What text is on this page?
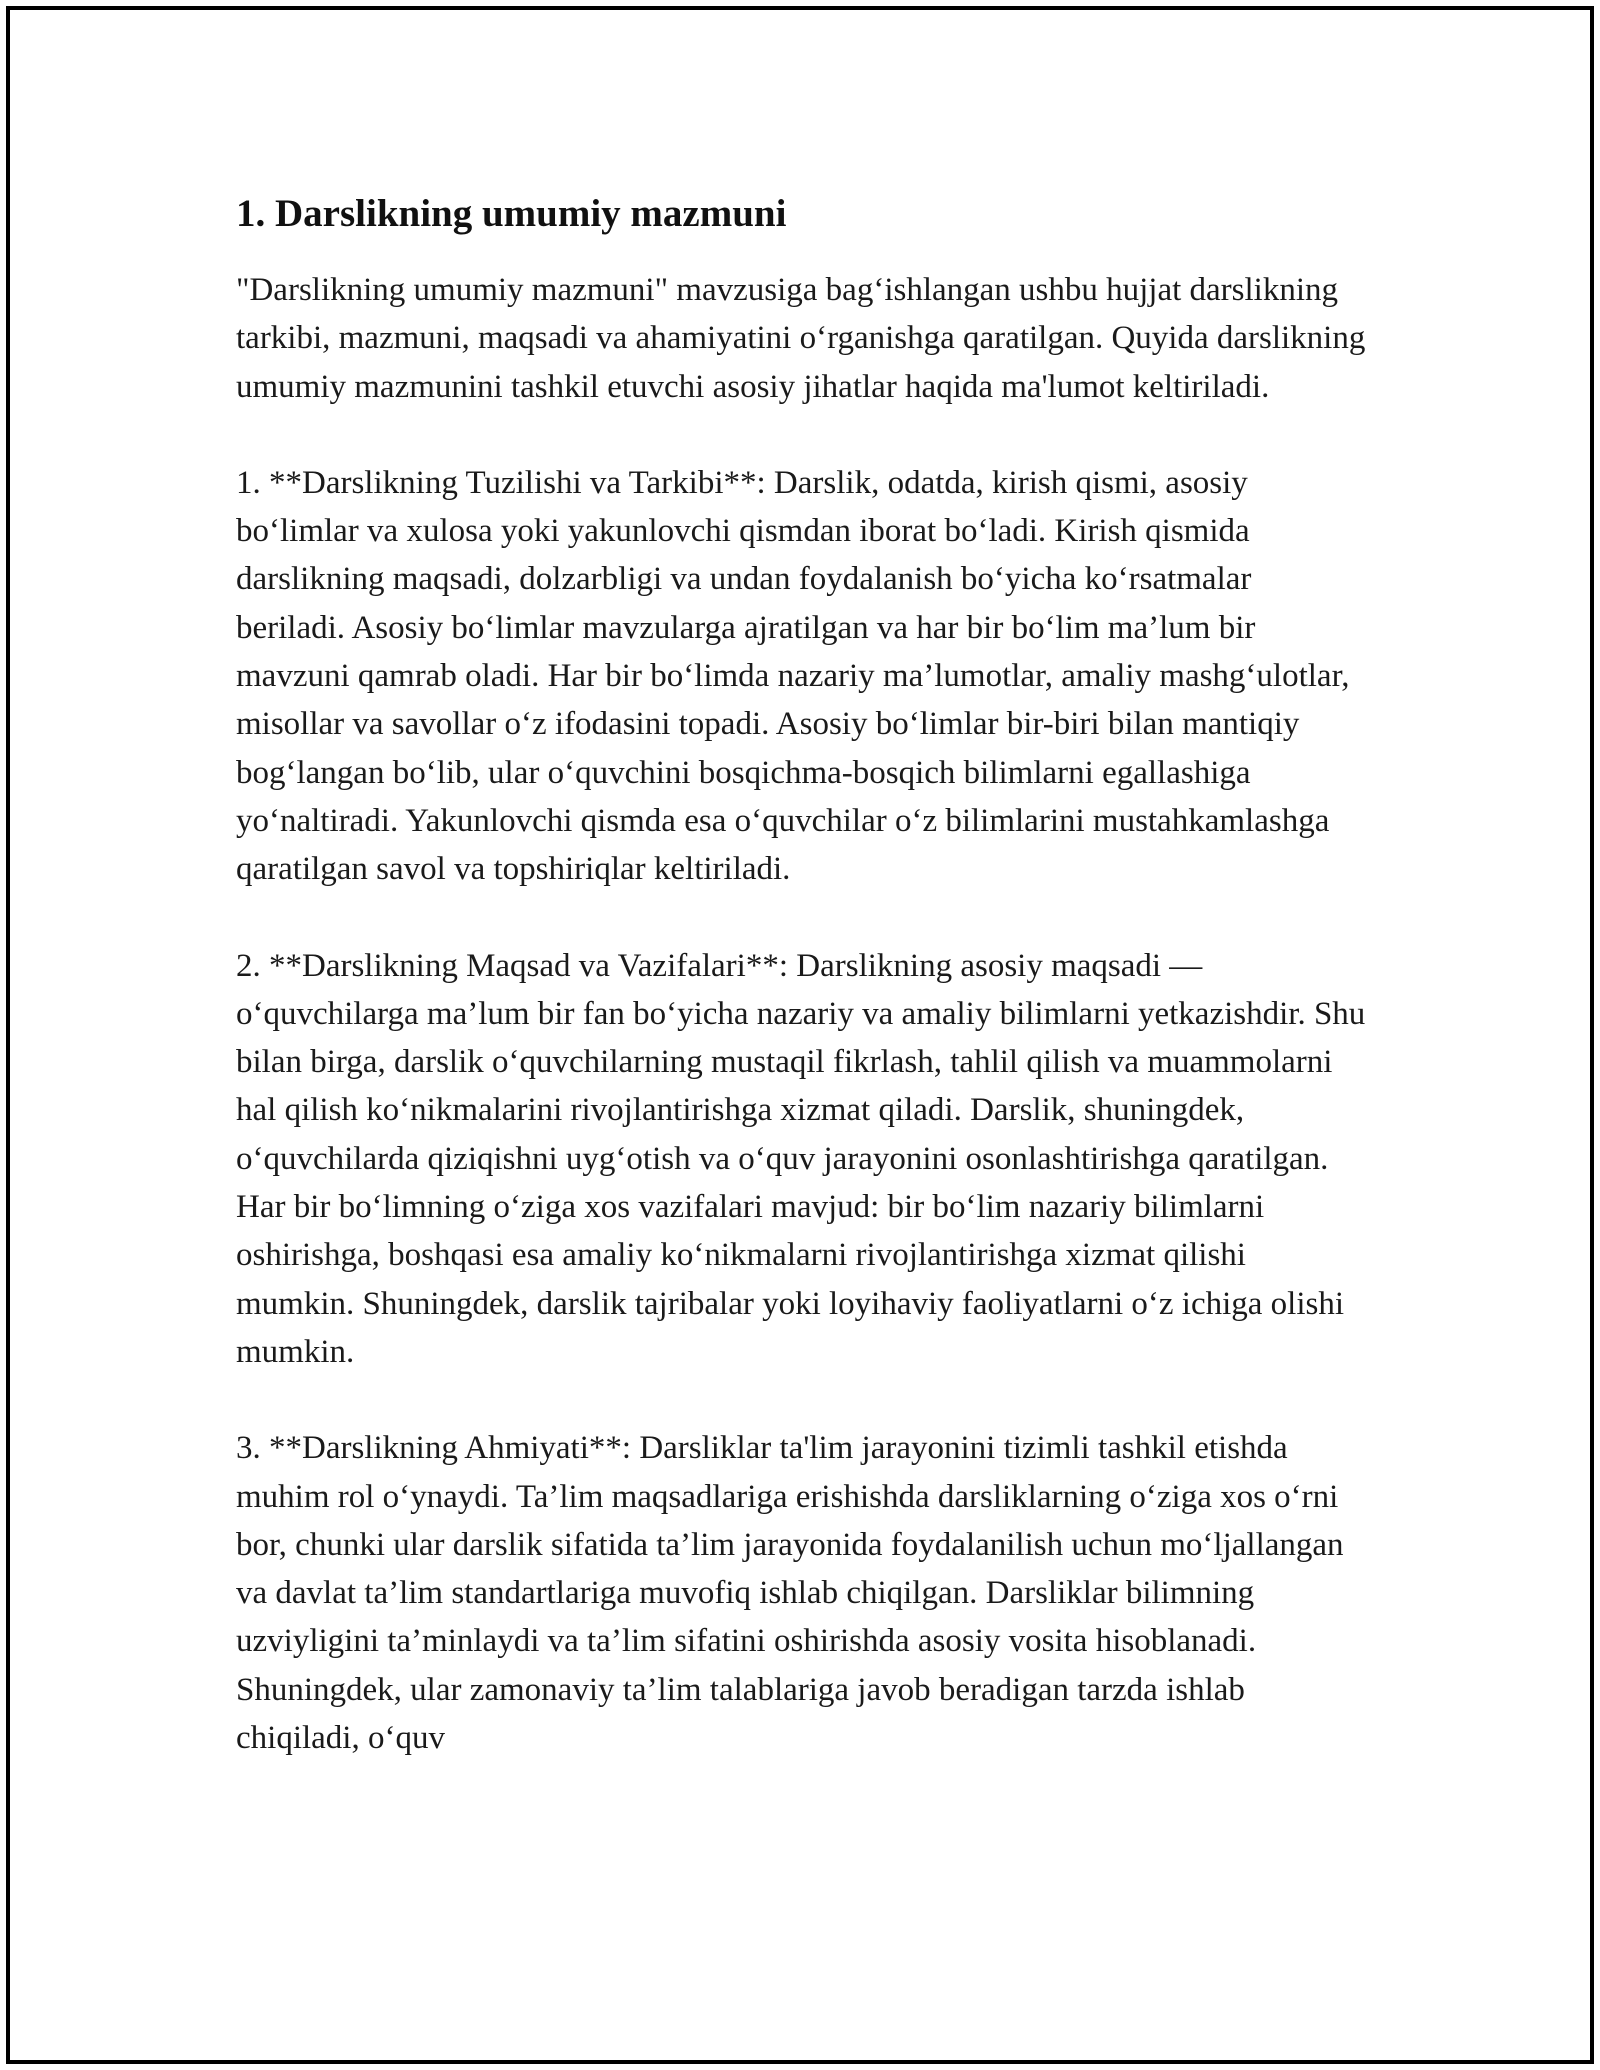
1. Darslikning umumiy mazmuni

"Darslikning umumiy mazmuni" mavzusiga bag‘ishlangan ushbu hujjat darslikning tarkibi, mazmuni, maqsadi va ahamiyatini o‘rganishga qaratilgan. Quyida darslikning umumiy mazmunini tashkil etuvchi asosiy jihatlar haqida ma'lumot keltiriladi.

1. **Darslikning Tuzilishi va Tarkibi**: Darslik, odatda, kirish qismi, asosiy bo‘limlar va xulosa yoki yakunlovchi qismdan iborat bo‘ladi. Kirish qismida darslikning maqsadi, dolzarbligi va undan foydalanish bo‘yicha ko‘rsatmalar beriladi. Asosiy bo‘limlar mavzularga ajratilgan va har bir bo‘lim ma’lum bir mavzuni qamrab oladi. Har bir bo‘limda nazariy ma’lumotlar, amaliy mashg‘ulotlar, misollar va savollar o‘z ifodasini topadi. Asosiy bo‘limlar bir-biri bilan mantiqiy bog‘langan bo‘lib, ular o‘quvchini bosqichma-bosqich bilimlarni egallashiga yo‘naltiradi. Yakunlovchi qismda esa o‘quvchilar o‘z bilimlarini mustahkamlashga qaratilgan savol va topshiriqlar keltiriladi.

2. **Darslikning Maqsad va Vazifalari**: Darslikning asosiy maqsadi — o‘quvchilarga ma’lum bir fan bo‘yicha nazariy va amaliy bilimlarni yetkazishdir. Shu bilan birga, darslik o‘quvchilarning mustaqil fikrlash, tahlil qilish va muammolarni hal qilish ko‘nikmalarini rivojlantirishga xizmat qiladi. Darslik, shuningdek, o‘quvchilarda qiziqishni uyg‘otish va o‘quv jarayonini osonlashtirishga qaratilgan. Har bir bo‘limning o‘ziga xos vazifalari mavjud: bir bo‘lim nazariy bilimlarni oshirishga, boshqasi esa amaliy ko‘nikmalarni rivojlantirishga xizmat qilishi mumkin. Shuningdek, darslik tajribalar yoki loyihaviy faoliyatlarni o‘z ichiga olishi mumkin.

3. **Darslikning Ahmiyati**: Darsliklar ta'lim jarayonini tizimli tashkil etishda muhim rol o‘ynaydi. Ta’lim maqsadlariga erishishda darsliklarning o‘ziga xos o‘rni bor, chunki ular darslik sifatida ta’lim jarayonida foydalanilish uchun mo‘ljallangan va davlat ta’lim standartlariga muvofiq ishlab chiqilgan. Darsliklar bilimning uzviyligini ta’minlaydi va ta’lim sifatini oshirishda asosiy vosita hisoblanadi. Shuningdek, ular zamonaviy ta’lim talablariga javob beradigan tarzda ishlab chiqiladi, o‘quv
